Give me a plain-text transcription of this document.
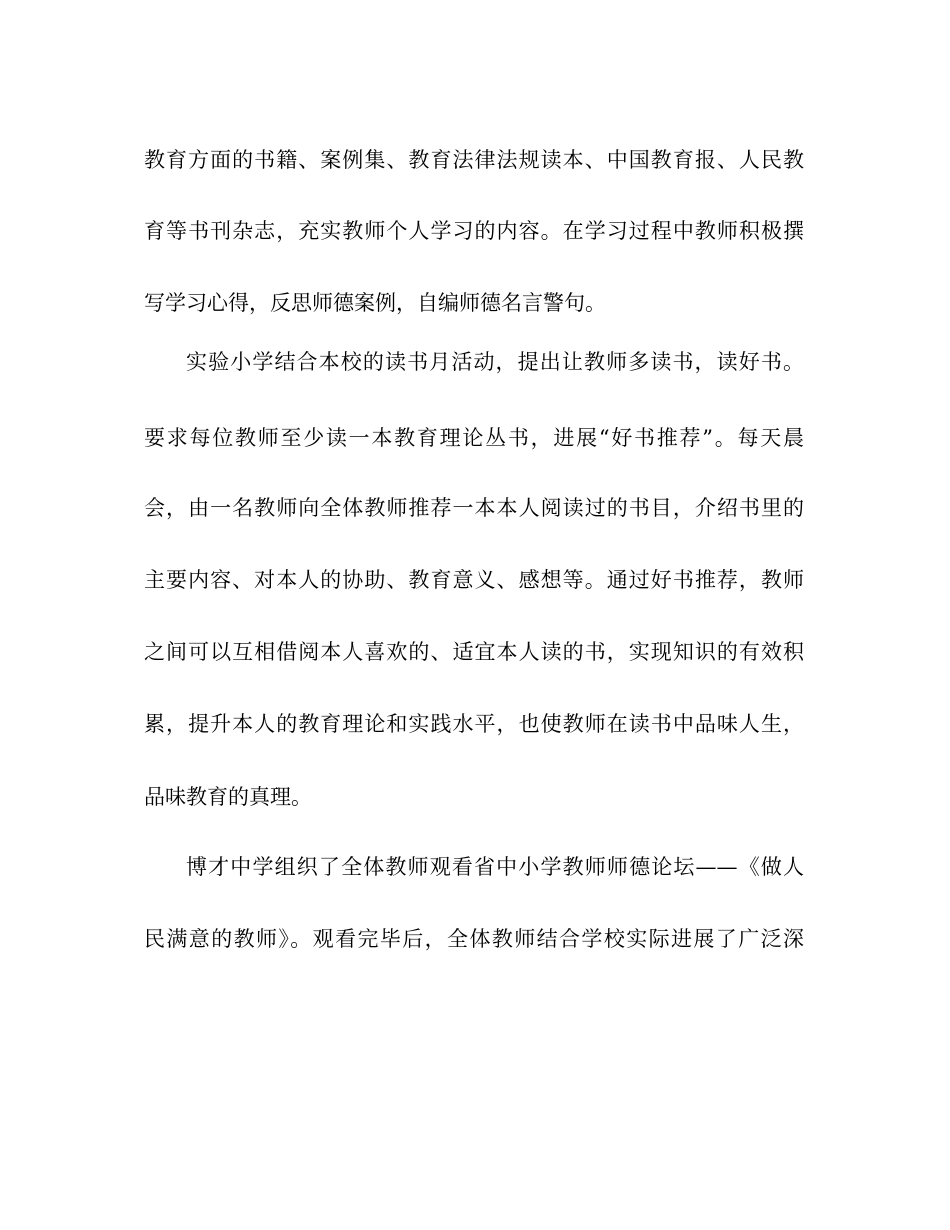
教育方面的书籍、案例集、教育法律法规读本、中国教育报、人民教
育等书刊杂志，充实教师个人学习的内容。在学习过程中教师积极撰
写学习心得，反思师德案例，自编师德名言警句。
实验小学结合本校的读书月活动，提出让教师多读书，读好书。
要求每位教师至少读一本教育理论丛书，进展“好书推荐”。每天晨
会，由一名教师向全体教师推荐一本本人阅读过的书目，介绍书里的
主要内容、对本人的协助、教育意义、感想等。通过好书推荐，教师
之间可以互相借阅本人喜欢的、适宜本人读的书，实现知识的有效积
累，提升本人的教育理论和实践水平，也使教师在读书中品味人生，
品味教育的真理。
博才中学组织了全体教师观看省中小学教师师德论坛——《做人
民满意的教师》。观看完毕后，全体教师结合学校实际进展了广泛深
